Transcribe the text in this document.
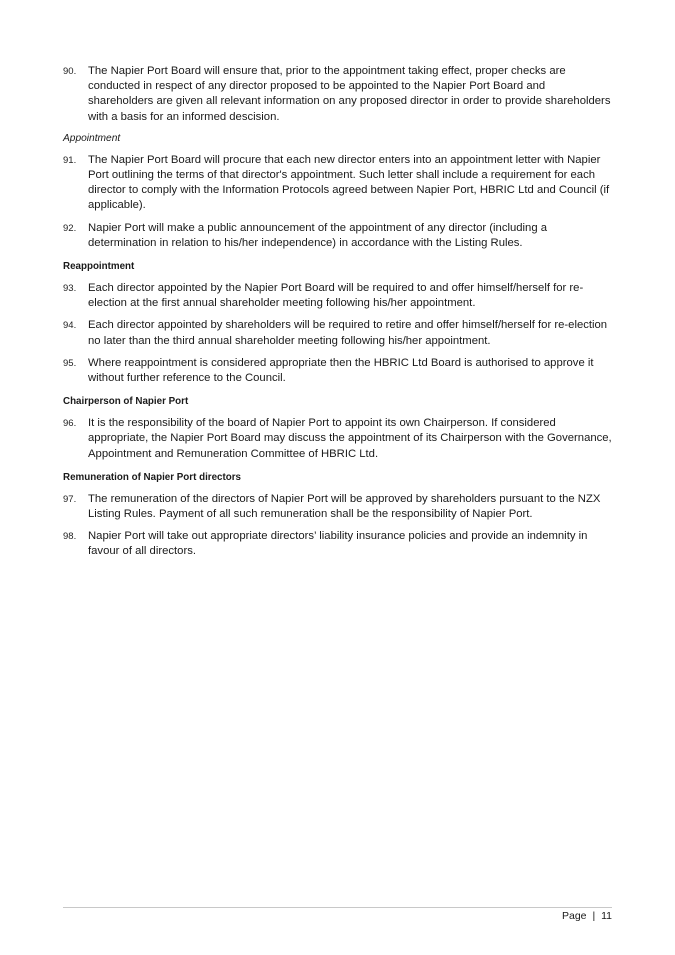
90.	The Napier Port Board will ensure that, prior to the appointment taking effect, proper checks are conducted in respect of any director proposed to be appointed to the Napier Port Board and shareholders are given all relevant information on any proposed director in order to provide shareholders with a basis for an informed descision.
Appointment
91.	The Napier Port Board will procure that each new director enters into an appointment letter with Napier Port outlining the terms of that director's appointment. Such letter shall include a requirement for each director to comply with the Information Protocols agreed between Napier Port, HBRIC Ltd and Council (if applicable).
92.	Napier Port will make a public announcement of the appointment of any director (including a determination in relation to his/her independence) in accordance with the Listing Rules.
Reappointment
93.	Each director appointed by the Napier Port Board will be required to and offer himself/herself for re-election at the first annual shareholder meeting following his/her appointment.
94.	Each director appointed by shareholders will be required to retire and offer himself/herself for re-election no later than the third annual shareholder meeting following his/her appointment.
95.	Where reappointment is considered appropriate then the HBRIC Ltd Board is authorised to approve it without further reference to the Council.
Chairperson of Napier Port
96.	It is the responsibility of the board of Napier Port to appoint its own Chairperson. If considered appropriate, the Napier Port Board may discuss the appointment of its Chairperson with the Governance, Appointment and Remuneration Committee of HBRIC Ltd.
Remuneration of Napier Port directors
97.	The remuneration of the directors of Napier Port will be approved by shareholders pursuant to the NZX Listing Rules. Payment of all such remuneration shall be the responsibility of Napier Port.
98.	Napier Port will take out appropriate directors’ liability insurance policies and provide an indemnity in favour of all directors.
Page | 11
